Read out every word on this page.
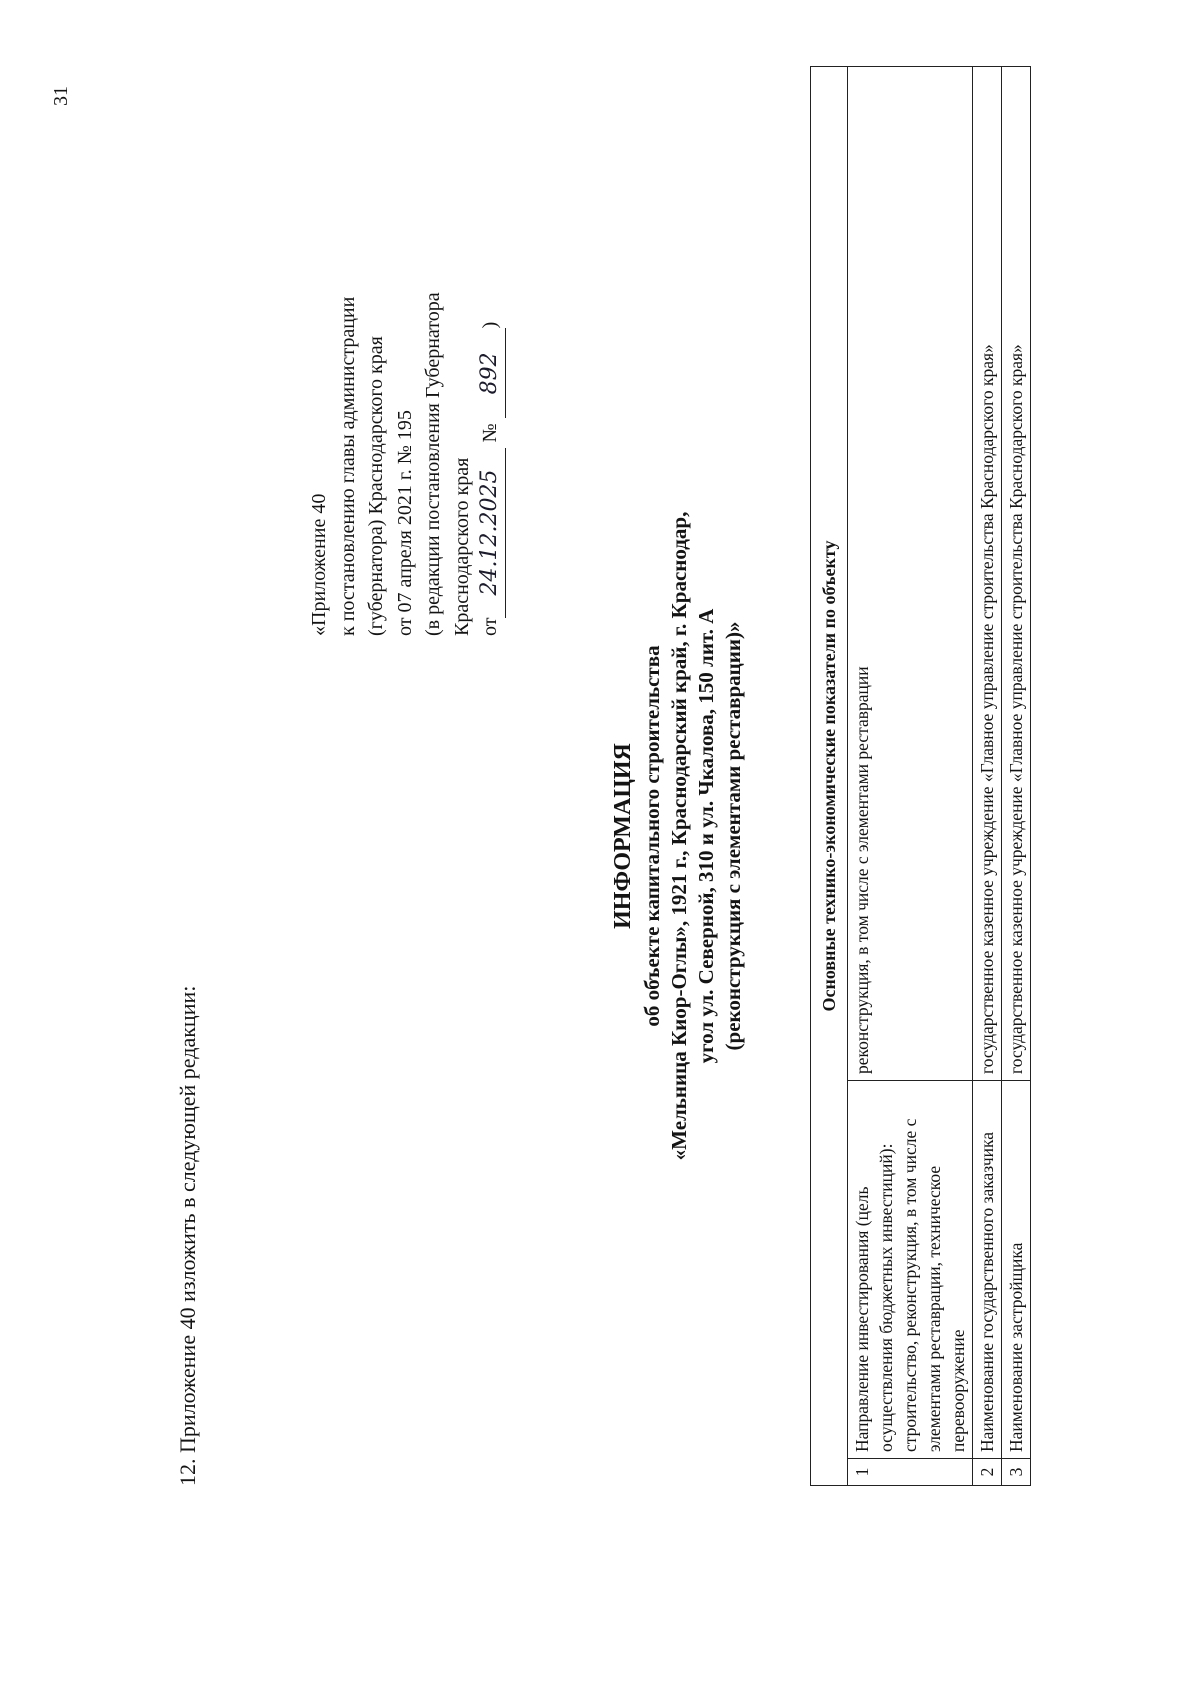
31
12. Приложение 40 изложить в следующей редакции:
«Приложение 40 к постановлению главы администрации (губернатора) Краснодарского края от 07 апреля 2021 г. № 195 (в редакции постановления Губернатора Краснодарского края от24.12.2025 № 892)
ИНФОРМАЦИЯ об объекте капитального строительства «Мельница Киор-Оглы», 1921 г., Краснодарский край, г. Краснодар, угол ул. Северной, 310 и ул. Чкалова, 150 лит. А (реконструкция с элементами реставрации)»	Основные технико-экономические показатели по объекту		
1	Направление инвестирования (цель осуществления бюджетных инвестиций): строительство, реконструкция, в том числе с элементами реставрации, техническое перевооружение	реконструкция, в том числе с элементами реставрации
2	Наименование государственного заказчика	государственное казенное учреждение «Главное управление строительства Краснодарского края»
3	Наименование застройщика	государственное казенное учреждение «Главное управление строительства Краснодарского края»
